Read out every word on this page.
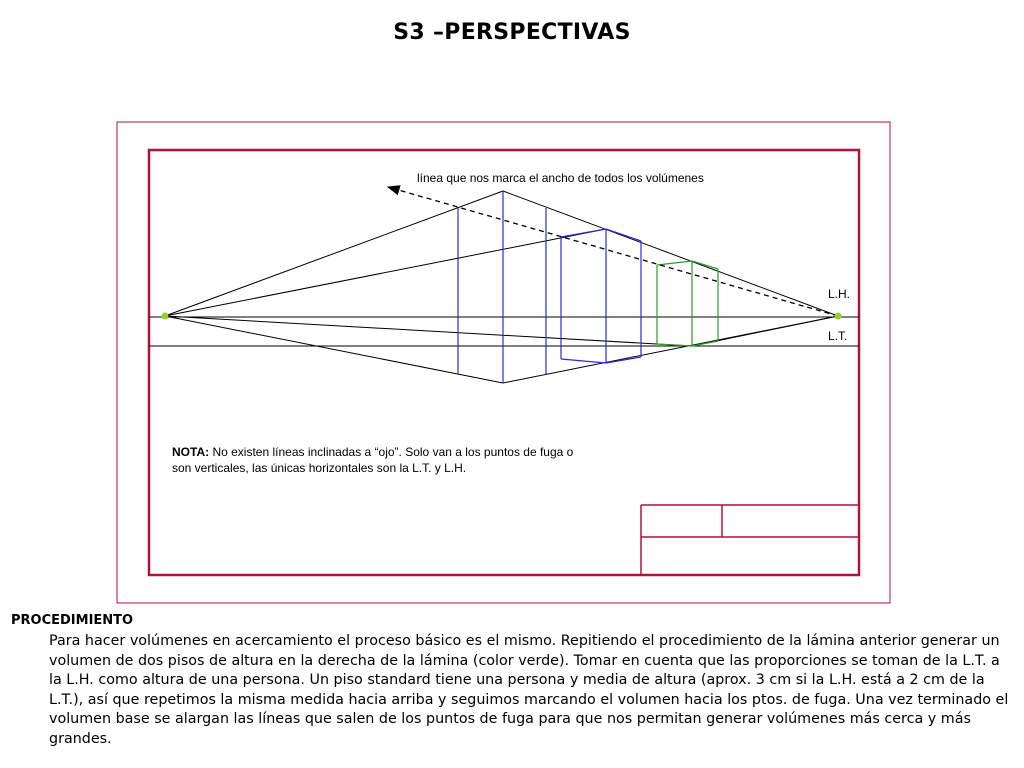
S3 –PERSPECTIVAS
línea que nos marca el ancho de todos los volúmenes
L.H.
L.T.
NOTA: No existen líneas inclinadas a “ojo”. Solo van a los puntos de fuga o son verticales, las únicas horizontales son la L.T. y L.H.
PROCEDIMIENTO

Para hacer volúmenes en acercamiento el proceso básico es el mismo. Repitiendo el procedimiento de la lámina anterior generar un volumen de dos pisos de altura en la derecha de la lámina (color verde). Tomar en cuenta que las proporciones se toman de la L.T. a la L.H. como altura de una persona. Un piso standard tiene una persona y media de altura (aprox. 3 cm si la L.H. está a 2 cm de la L.T.), así que repetimos la misma medida hacia arriba y seguimos marcando el volumen hacia los ptos. de fuga. Una vez terminado el volumen base se alargan las líneas que salen de los puntos de fuga para que nos permitan generar volúmenes más cerca y más grandes.
